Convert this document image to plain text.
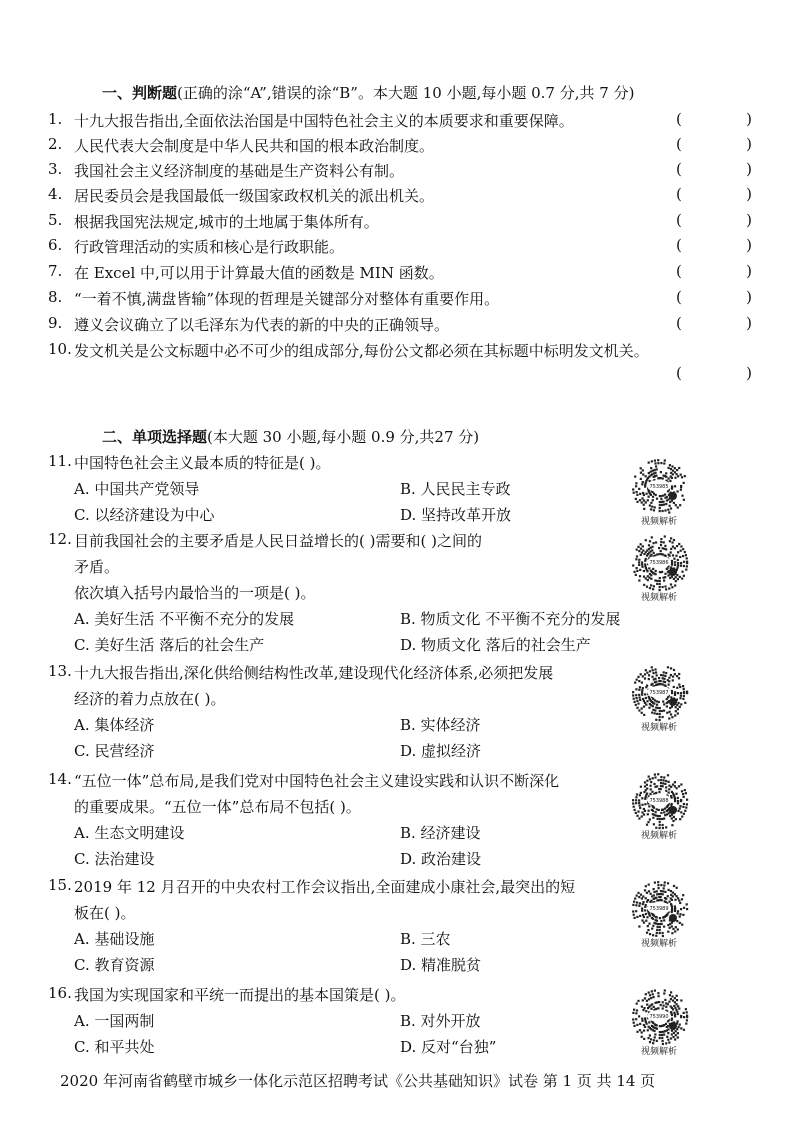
一、判断题(正确的涂“A”,错误的涂“B”。本大题 10 小题,每小题 0.7 分,共 7 分)
1. 十九大报告指出,全面依法治国是中国特色社会主义的本质要求和重要保障。	(	)
2. 人民代表大会制度是中华人民共和国的根本政治制度。	(	)
3. 我国社会主义经济制度的基础是生产资料公有制。	(	)
4. 居民委员会是我国最低一级国家政权机关的派出机关。	(	)
5. 根据我国宪法规定,城市的土地属于集体所有。	(	)
6. 行政管理活动的实质和核心是行政职能。	(	)
7. 在 Excel 中,可以用于计算最大值的函数是 MIN 函数。	(	)
8. “一着不慎,满盘皆输”体现的哲理是关键部分对整体有重要作用。	(	)
9. 遵义会议确立了以毛泽东为代表的新的中央的正确领导。	(	)
10. 发文机关是公文标题中必不可少的组成部分,每份公文都必须在其标题中标明发文机关。
(	)
二、单项选择题(本大题 30 小题,每小题 0.9 分,共27 分)
11. 中国特色社会主义最本质的特征是( )。
A. 中国共产党领导	B. 人民民主专政
C. 以经济建设为中心	D. 坚持改革开放
753985
视频解析
12. 目前我国社会的主要矛盾是人民日益增长的( )需要和( )之间的
矛盾。
依次填入括号内最恰当的一项是( )。
A. 美好生活 不平衡不充分的发展	B. 物质文化 不平衡不充分的发展
C. 美好生活 落后的社会生产	D. 物质文化 落后的社会生产
753986
视频解析
13. 十九大报告指出,深化供给侧结构性改革,建设现代化经济体系,必须把发展
经济的着力点放在( )。
A. 集体经济	B. 实体经济
C. 民营经济	D. 虚拟经济
753987
视频解析
14. “五位一体”总布局,是我们党对中国特色社会主义建设实践和认识不断深化
的重要成果。“五位一体”总布局不包括( )。
A. 生态文明建设	B. 经济建设
C. 法治建设	D. 政治建设
753988
视频解析
15. 2019 年 12 月召开的中央农村工作会议指出,全面建成小康社会,最突出的短
板在( )。
A. 基础设施	B. 三农
C. 教育资源	D. 精准脱贫
753989
视频解析
16. 我国为实现国家和平统一而提出的基本国策是( )。
A. 一国两制	B. 对外开放
C. 和平共处	D. 反对“台独”
753990
视频解析
2020 年河南省鹤壁市城乡一体化示范区招聘考试《公共基础知识》试卷 第 1 页 共 14 页
